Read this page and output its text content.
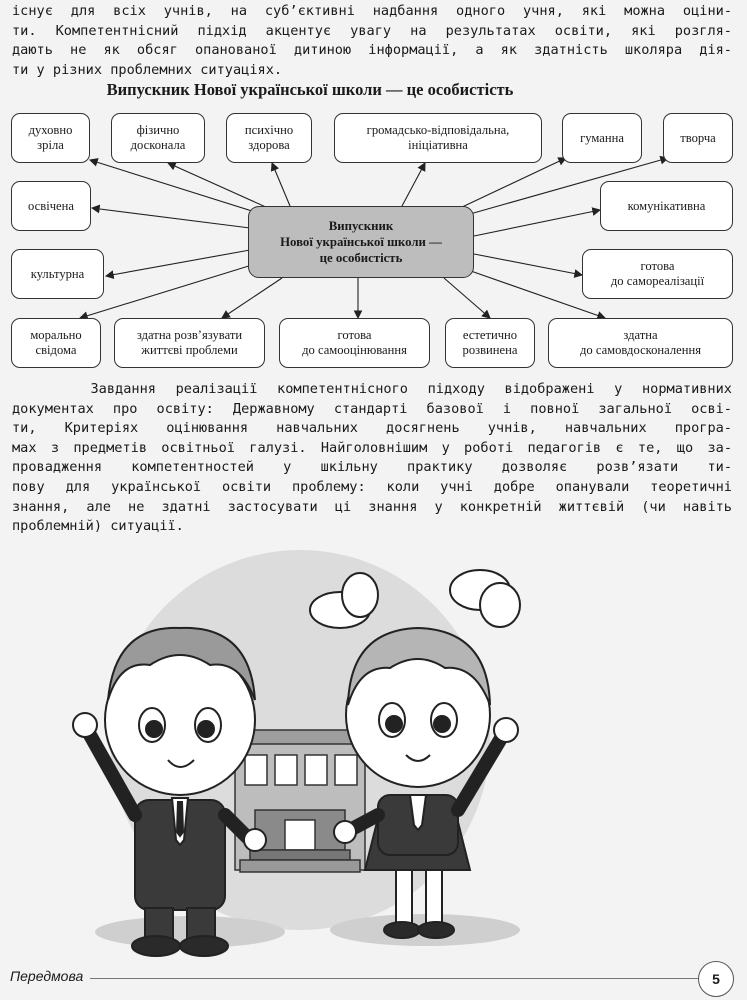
існує для всіх учнів, на суб’єктивні надбання одного учня, які можна оціни-
ти. Компетентнісний підхід акцентує увагу на результатах освіти, які розгля-
дають не як обсяг опанованої дитиною інформації, а як здатність школяра дія-
ти у різних проблемних ситуаціях.
Випускник Нової української школи — це особистість
духовно
зріла
фізично
досконала
психічно
здорова
громадсько-відповідальна,
ініціативна
гуманна	творча
освічена	комунікативна
культурна
готова
до самореалізації
морально
свідома
здатна розв’язувати
життєві проблеми
готова
до самооцінювання
естетично
розвинена
здатна
до самовдосконалення
Випускник
Нової української школи —
це особистість
Завдання реалізації компетентнісного підходу відображені у нормативних
документах про освіту: Державному стандарті базової і повної загальної осві-
ти, Критеріях оцінювання навчальних досягнень учнів, навчальних програ-
мах з предметів освітньої галузі. Найголовнішим у роботі педагогів є те, що за-
провадження компетентностей у шкільну практику дозволяє розв’язати ти-
пову для української освіти проблему: коли учні добре опанували теоретичні
знання, але не здатні застосувати ці знання у конкретній життєвій (чи навіть
проблемній) ситуації.
Передмова	5
